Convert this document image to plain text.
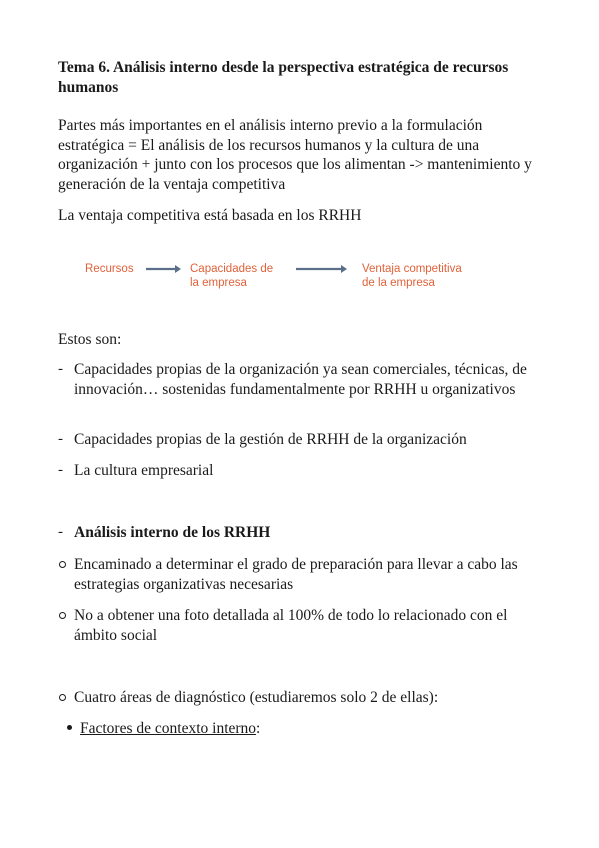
Tema 6. Análisis interno desde la perspectiva estratégica de recursos humanos
Partes más importantes en el análisis interno previo a la formulación estratégica = El análisis de los recursos humanos y la cultura de una organización + junto con los procesos que los alimentan -> mantenimiento y generación de la ventaja competitiva
La ventaja competitiva está basada en los RRHH
Recursos	Capacidades de
la empresa
Ventaja competitiva
de la empresa
Estos son:
- Capacidades propias de la organización ya sean comerciales, técnicas, de innovación… sostenidas fundamentalmente por RRHH u organizativos
- Capacidades propias de la gestión de RRHH de la organización
- La cultura empresarial
- Análisis interno de los RRHH
Encaminado a determinar el grado de preparación para llevar a cabo las estrategias organizativas necesarias
No a obtener una foto detallada al 100% de todo lo relacionado con el ámbito social
Cuatro áreas de diagnóstico (estudiaremos solo 2 de ellas):
Factores de contexto interno:
